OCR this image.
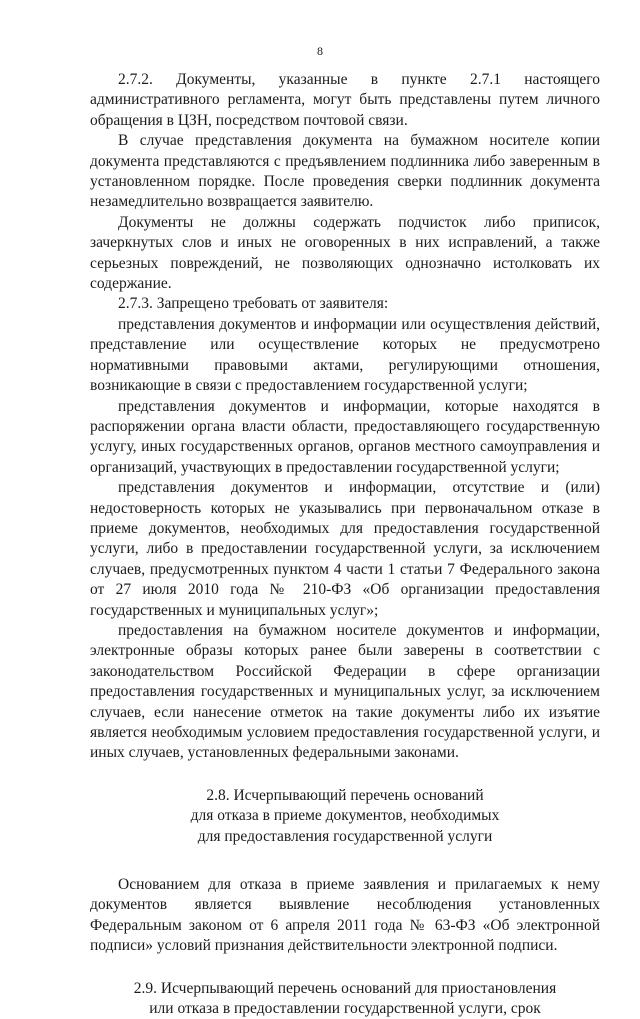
8

2.7.2. Документы, указанные в пункте 2.7.1 настоящего административного регламента, могут быть представлены путем личного обращения в ЦЗН, посредством почтовой связи.

В случае представления документа на бумажном носителе копии документа представляются с предъявлением подлинника либо заверенным в установленном порядке. После проведения сверки подлинник документа незамедлительно возвращается заявителю.

Документы не должны содержать подчисток либо приписок, зачеркнутых слов и иных не оговоренных в них исправлений, а также серьезных повреждений, не позволяющих однозначно истолковать их содержание.

2.7.3. Запрещено требовать от заявителя:

представления документов и информации или осуществления действий, представление или осуществление которых не предусмотрено нормативными правовыми актами, регулирующими отношения, возникающие в связи с предоставлением государственной услуги;

представления документов и информации, которые находятся в распоряжении органа власти области, предоставляющего государственную услугу, иных государственных органов, органов местного самоуправления и организаций, участвующих в предоставлении государственной услуги;

представления документов и информации, отсутствие и (или) недостоверность которых не указывались при первоначальном отказе в приеме документов, необходимых для предоставления государственной услуги, либо в предоставлении государственной услуги, за исключением случаев, предусмотренных пунктом 4 части 1 статьи 7 Федерального закона от 27 июля 2010 года № 210-ФЗ «Об организации предоставления государственных и муниципальных услуг»;

предоставления на бумажном носителе документов и информации, электронные образы которых ранее были заверены в соответствии с законодательством Российской Федерации в сфере организации предоставления государственных и муниципальных услуг, за исключением случаев, если нанесение отметок на такие документы либо их изъятие является необходимым условием предоставления государственной услуги, и иных случаев, установленных федеральными законами.

2.8. Исчерпывающий перечень оснований
для отказа в приеме документов, необходимых
для предоставления государственной услуги

Основанием для отказа в приеме заявления и прилагаемых к нему документов является выявление несоблюдения установленных Федеральным законом от 6 апреля 2011 года № 63-ФЗ «Об электронной подписи» условий признания действительности электронной подписи.

2.9. Исчерпывающий перечень оснований для приостановления
или отказа в предоставлении государственной услуги, срок
